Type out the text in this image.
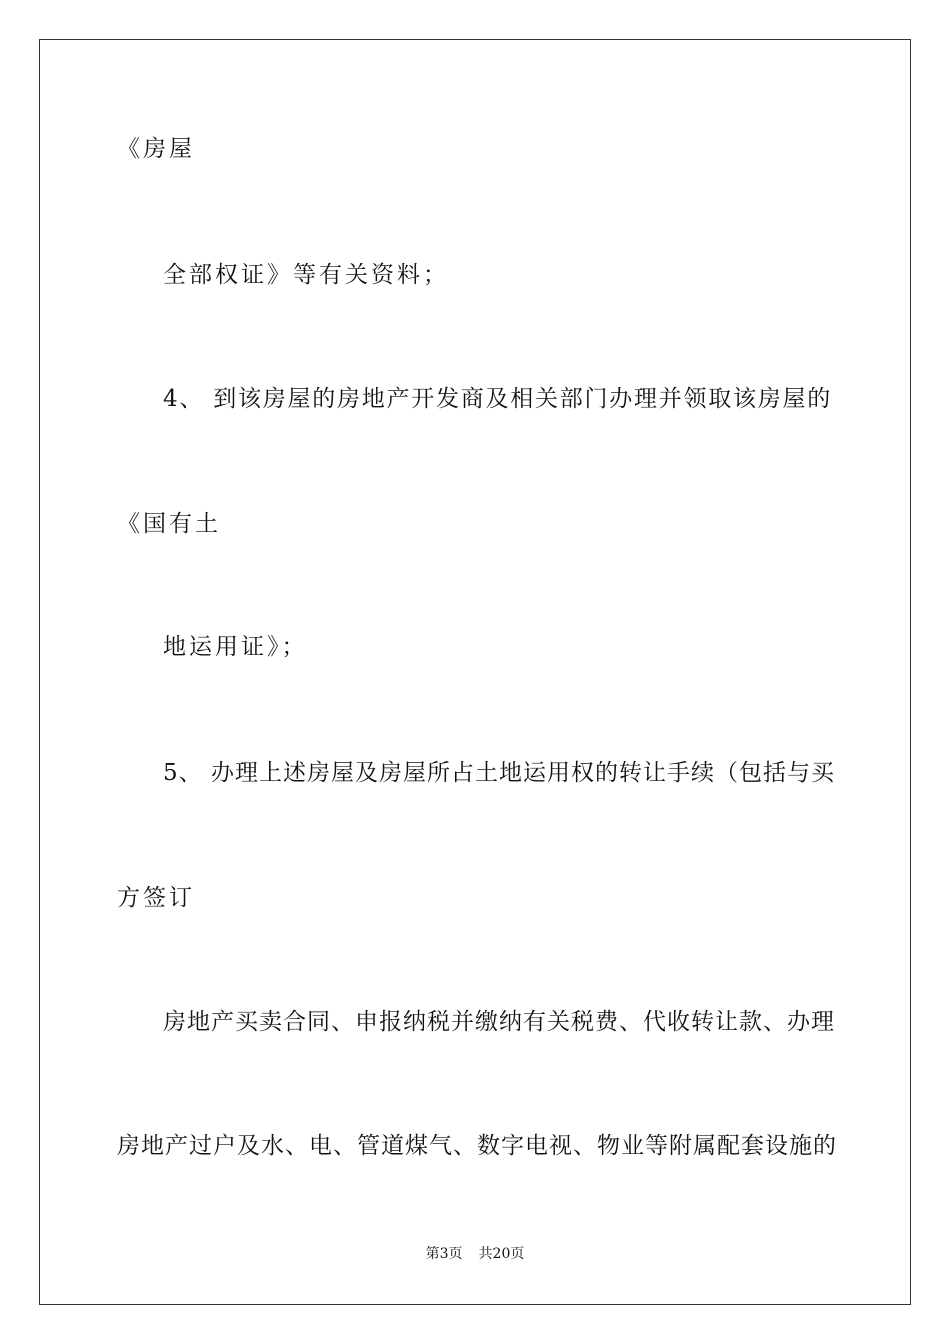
《房屋
全部权证》等有关资料；
4、 到该房屋的房地产开发商及相关部门办理并领取该房屋的
《国有土
地运用证》；
5、 办理上述房屋及房屋所占土地运用权的转让手续（包括与买
方签订
房地产买卖合同、申报纳税并缴纳有关税费、代收转让款、办理
房地产过户及水、电、管道煤气、数字电视、物业等附属配套设施的
第3页 共20页
